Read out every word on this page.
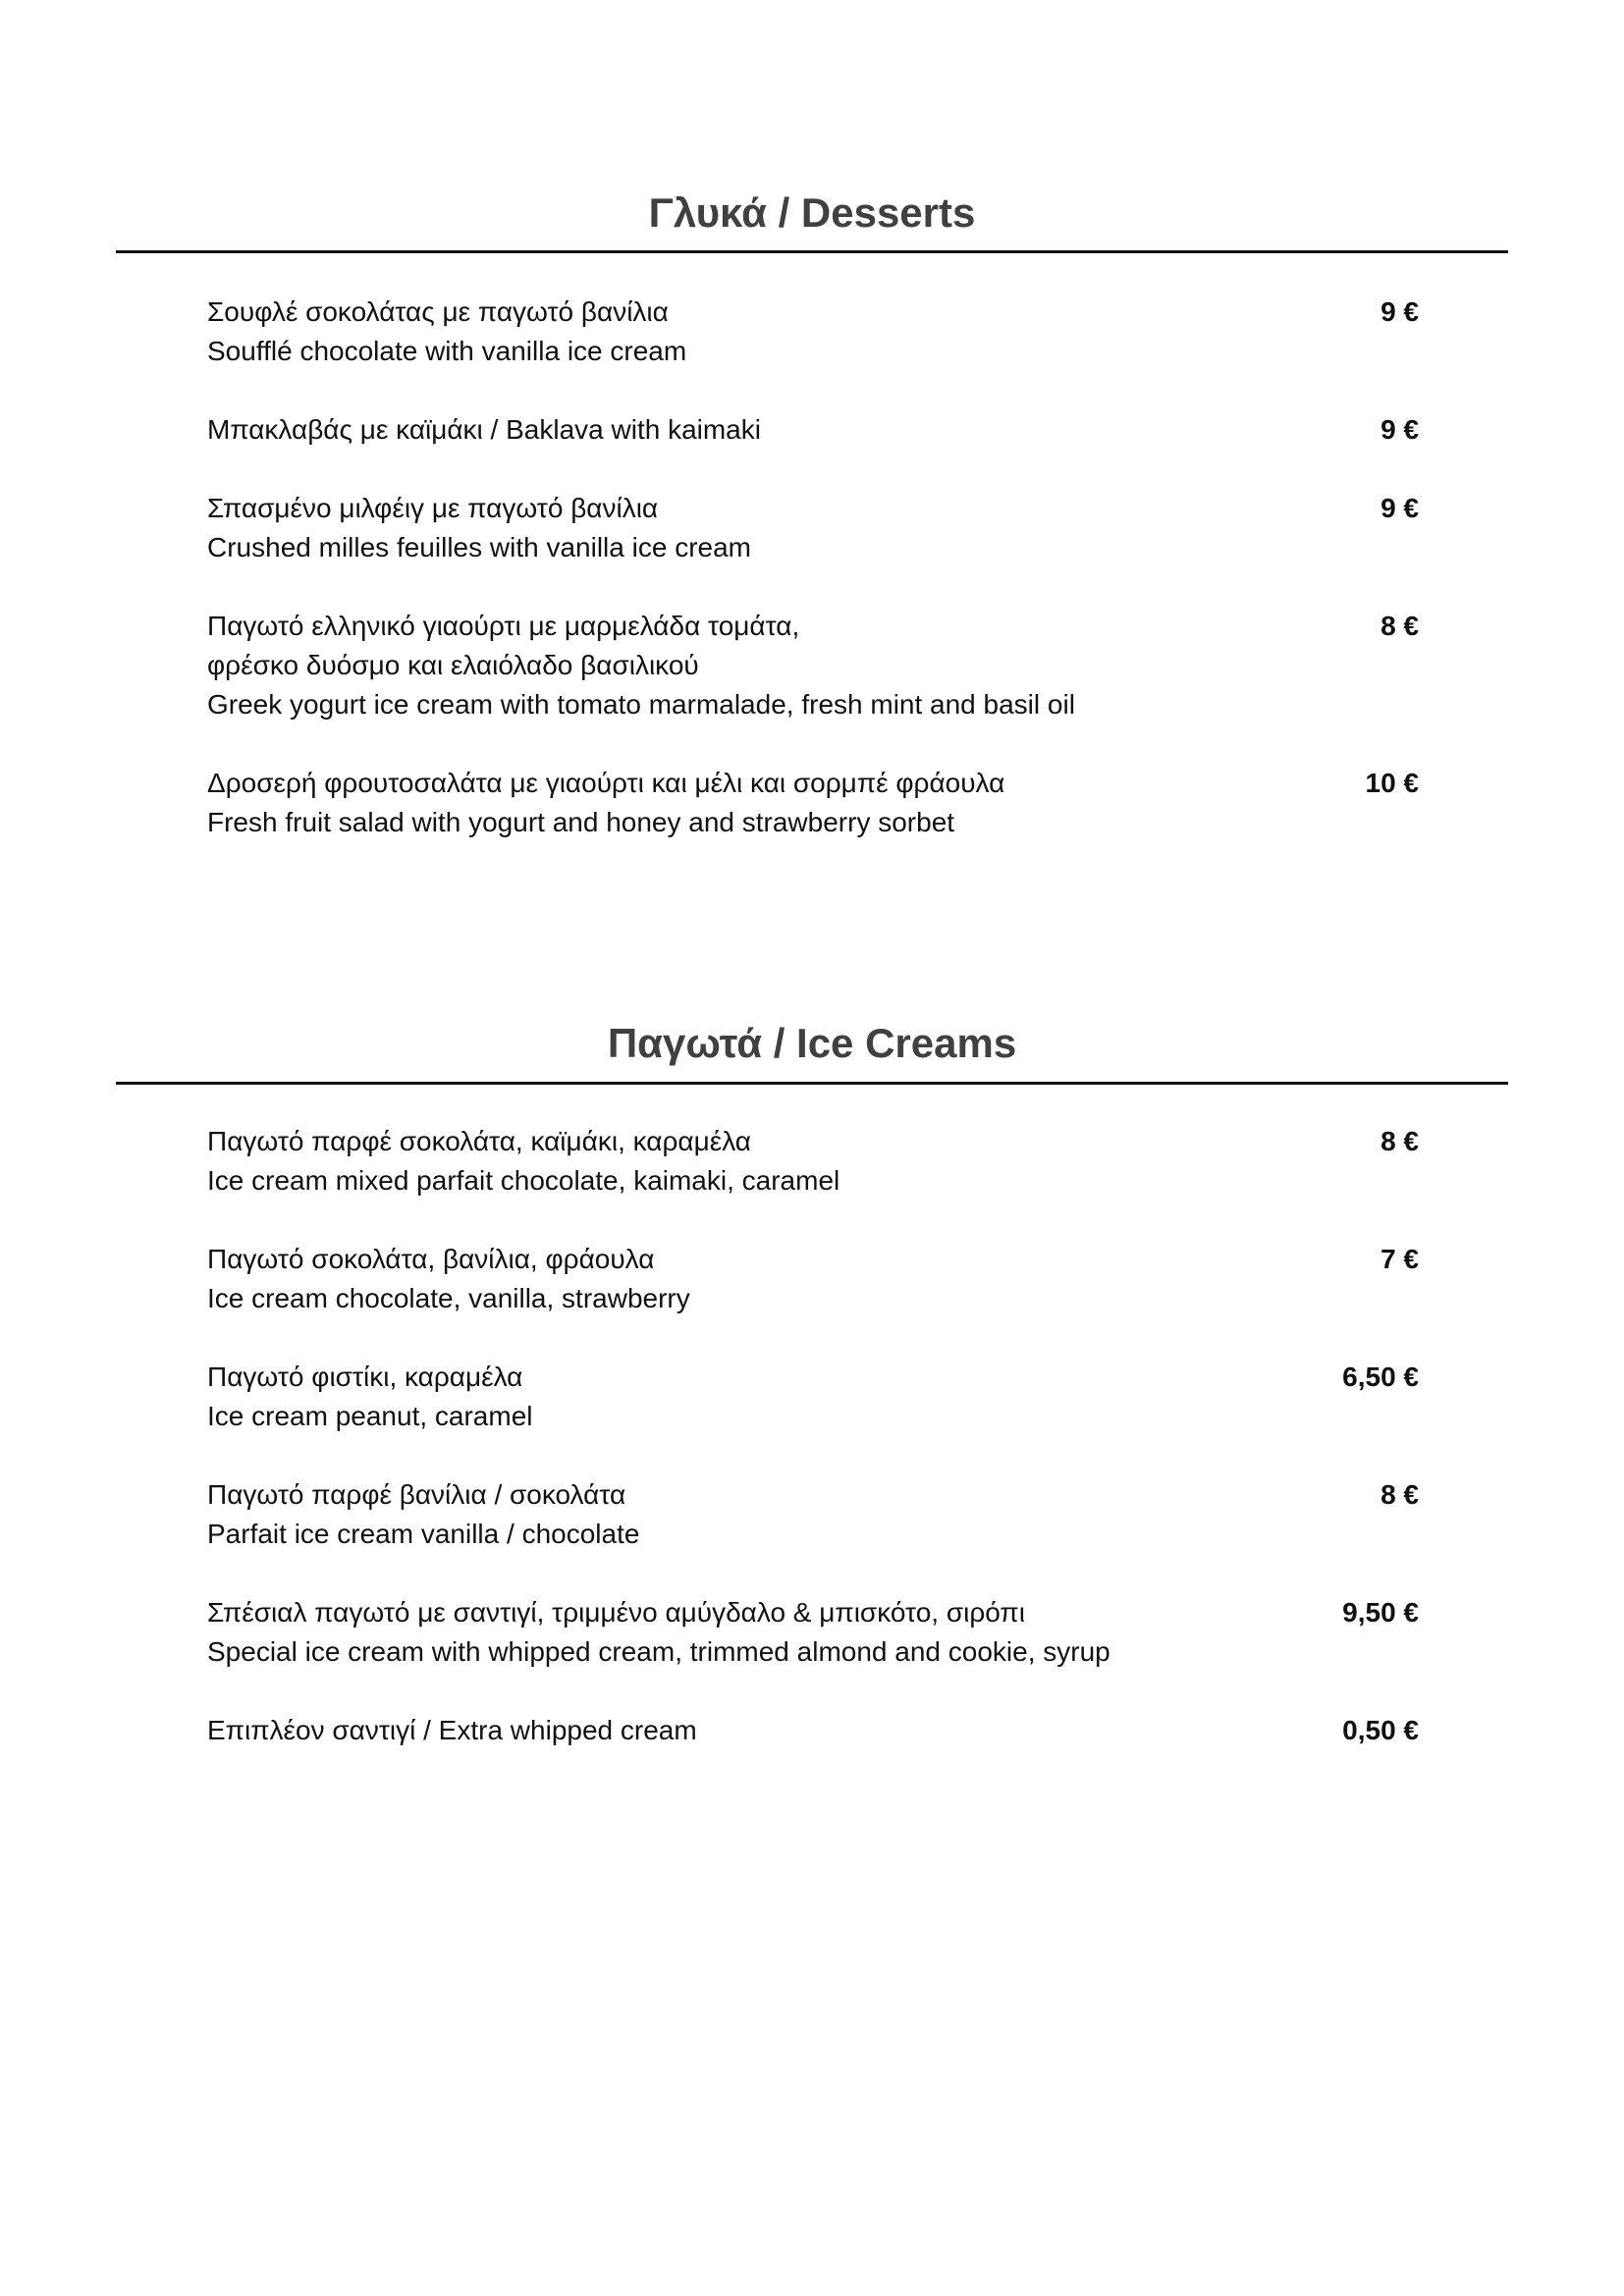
Γλυκά / Desserts
Σουφλέ σοκολάτας με παγωτό βανίλια
Soufflé chocolate with vanilla ice cream
9 €
Μπακλαβάς με καϊμάκι / Baklava with kaimaki	9 €
Σπασμένο μιλφέιγ με παγωτό βανίλια
Crushed milles feuilles with vanilla ice cream
9 €
Παγωτό ελληνικό γιαούρτι με μαρμελάδα τομάτα,
φρέσκο δυόσμο και ελαιόλαδο βασιλικού
Greek yogurt ice cream with tomato marmalade, fresh mint and basil oil
8 €
Δροσερή φρουτοσαλάτα με γιαούρτι και μέλι και σορμπέ φράουλα
Fresh fruit salad with yogurt and honey and strawberry sorbet
10 €
Παγωτά / Ice Creams
Παγωτό παρφέ σοκολάτα, καϊμάκι, καραμέλα
Ice cream mixed parfait chocolate, kaimaki, caramel
8 €
Παγωτό σοκολάτα, βανίλια, φράουλα
Ice cream chocolate, vanilla, strawberry
7 €
Παγωτό φιστίκι, καραμέλα
Ice cream peanut, caramel
6,50 €
Παγωτό παρφέ βανίλια / σοκολάτα
Parfait ice cream vanilla / chocolate
8 €
Σπέσιαλ παγωτό με σαντιγί, τριμμένο αμύγδαλο & μπισκότο, σιρόπι
Special ice cream with whipped cream, trimmed almond and cookie, syrup
9,50 €
Επιπλέον σαντιγί / Extra whipped cream	0,50 €
